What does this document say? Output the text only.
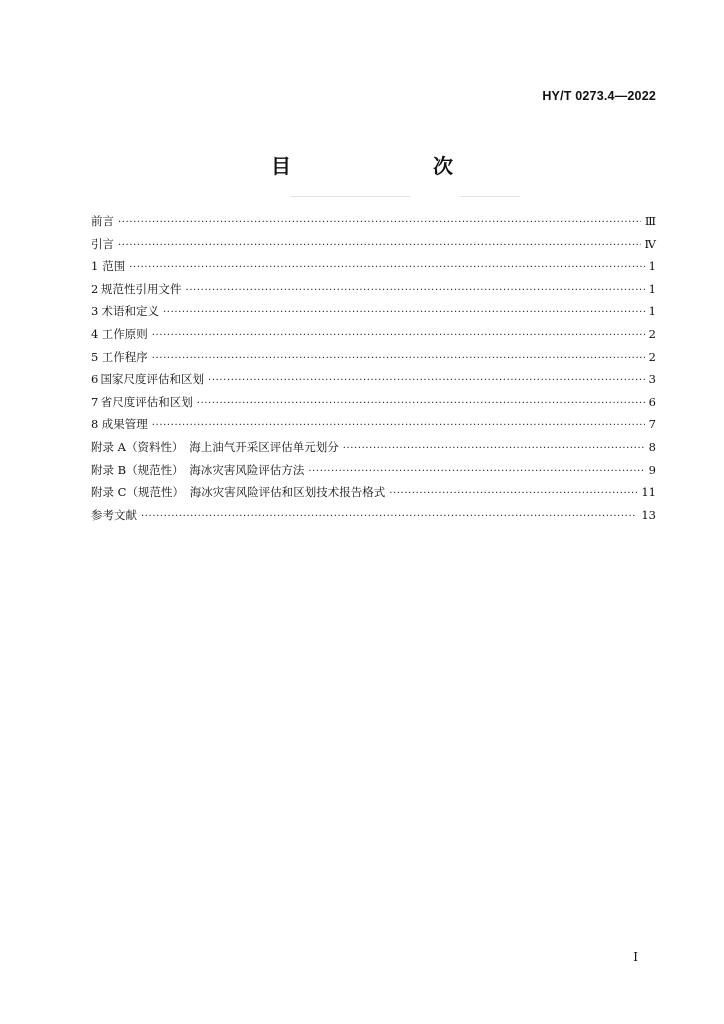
HY/T 0273.4—2022
目　　次
前言 ·····	Ⅲ
引言 ·····	Ⅳ
1 范围 ·····	1
2 规范性引用文件 ·····	1
3 术语和定义 ·····	1
4 工作原则 ·····	2
5 工作程序 ·····	2
6 国家尺度评估和区划 ·····	3
7 省尺度评估和区划 ·····	6
8 成果管理 ·····	7
附录 A（资料性）　海上油气开采区评估单元划分 ·····	8
附录 B（规范性）　海冰灾害风险评估方法 ·····	9
附录 C（规范性）　海冰灾害风险评估和区划技术报告格式 ·····	11
参考文献 ·····	13
I
